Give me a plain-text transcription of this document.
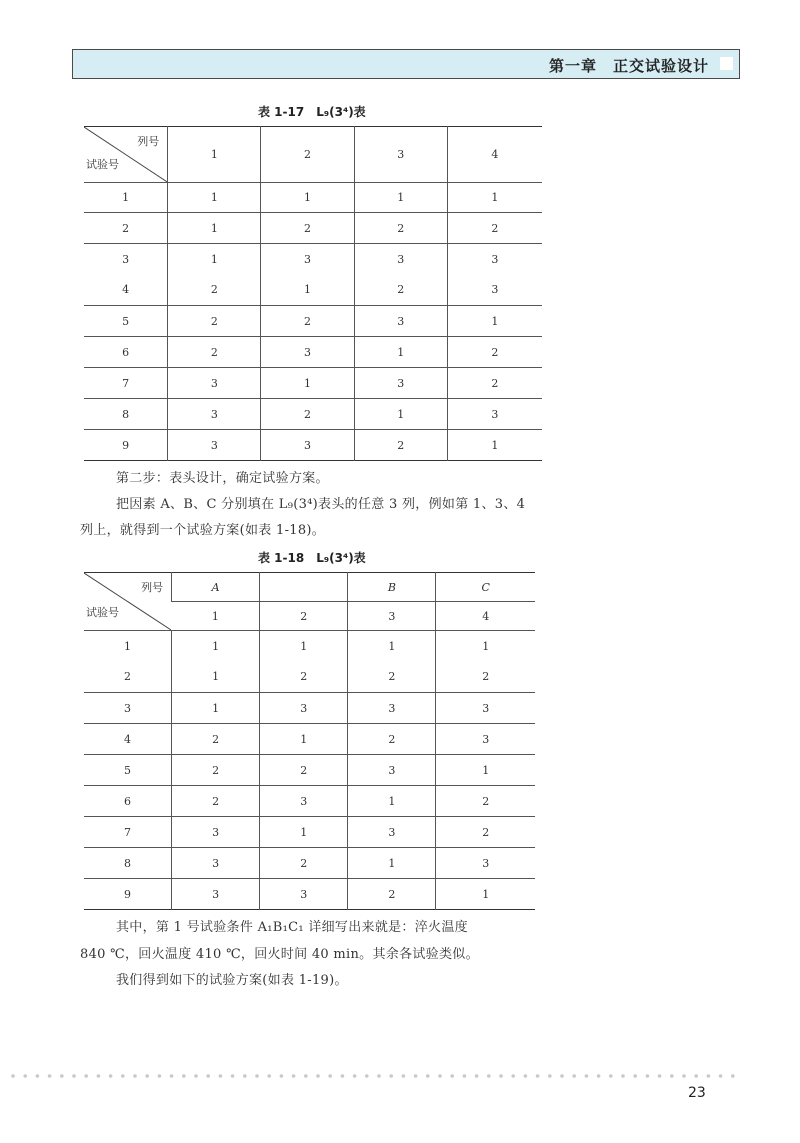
第一章　正交试验设计
表 1-17　L₉(3⁴)表
列号
试验号	1	2	3	4
1	1	1	1	1
2	1	2	2	2
3	1	3	3	3
4	2	1	2	3
5	2	2	3	1
6	2	3	1	2
7	3	1	3	2
8	3	2	1	3
9	3	3	2	1
第二步：表头设计，确定试验方案。
把因素 A、B、C 分别填在 L₉(3⁴)表头的任意 3 列，例如第 1、3、4
列上，就得到一个试验方案(如表 1-18)。
表 1-18　L₉(3⁴)表
列号
试验号	A		B	C
	1	2	3	4
1	1	1	1	1
2	1	2	2	2
3	1	3	3	3
4	2	1	2	3
5	2	2	3	1
6	2	3	1	2
7	3	1	3	2
8	3	2	1	3
9	3	3	2	1
其中，第 1 号试验条件 A₁B₁C₁ 详细写出来就是：淬火温度
840 ℃，回火温度 410 ℃，回火时间 40 min。其余各试验类似。
我们得到如下的试验方案(如表 1-19)。
23
